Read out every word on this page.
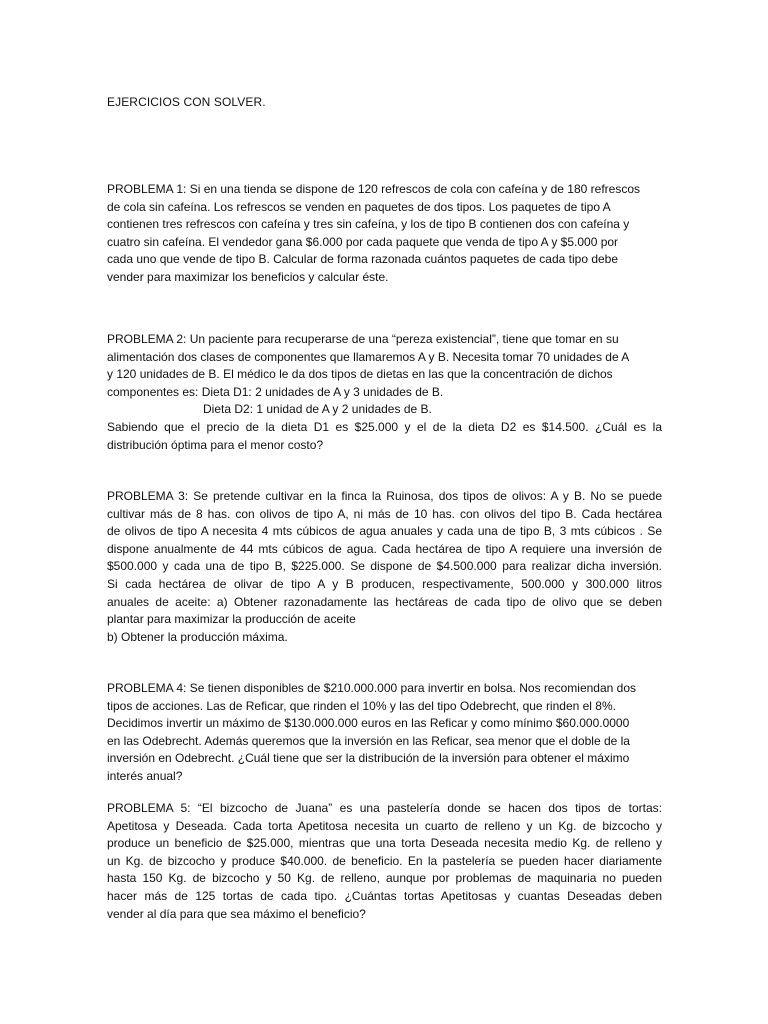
EJERCICIOS CON SOLVER.
PROBLEMA 1: Si en una tienda se dispone de 120 refrescos de cola con cafeína y de 180 refrescos
de cola sin cafeína. Los refrescos se venden en paquetes de dos tipos. Los paquetes de tipo A
contienen tres refrescos con cafeína y tres sin cafeína, y los de tipo B contienen dos con cafeína y
cuatro sin cafeína. El vendedor gana $6.000 por cada paquete que venda de tipo A y $5.000 por
cada uno que vende de tipo B. Calcular de forma razonada cuántos paquetes de cada tipo debe
vender para maximizar los beneficios y calcular éste.
PROBLEMA 2: Un paciente para recuperarse de una “pereza existencial”, tiene que tomar en su
alimentación dos clases de componentes que llamaremos A y B. Necesita tomar 70 unidades de A
y 120 unidades de B. El médico le da dos tipos de dietas en las que la concentración de dichos
componentes es: Dieta D1: 2 unidades de A y 3 unidades de B.
Dieta D2: 1 unidad de A y 2 unidades de B.
Sabiendo que el precio de la dieta D1 es $25.000 y el de la dieta D2 es $14.500. ¿Cuál es la
distribución óptima para el menor costo?
PROBLEMA 3: Se pretende cultivar en la finca la Ruinosa, dos tipos de olivos: A y B. No se puede
cultivar más de 8 has. con olivos de tipo A, ni más de 10 has. con olivos del tipo B. Cada hectárea
de olivos de tipo A necesita 4 mts cúbicos de agua anuales y cada una de tipo B, 3 mts cúbicos . Se
dispone anualmente de 44 mts cúbicos de agua. Cada hectárea de tipo A requiere una inversión de
$500.000 y cada una de tipo B, $225.000. Se dispone de $4.500.000 para realizar dicha inversión.
Si cada hectárea de olivar de tipo A y B producen, respectivamente, 500.000 y 300.000 litros
anuales de aceite: a) Obtener razonadamente las hectáreas de cada tipo de olivo que se deben
plantar para maximizar la producción de aceite
b) Obtener la producción máxima.
PROBLEMA 4: Se tienen disponibles de $210.000.000 para invertir en bolsa. Nos recomiendan dos
tipos de acciones. Las de Reficar, que rinden el 10% y las del tipo Odebrecht, que rinden el 8%.
Decidimos invertir un máximo de $130.000.000 euros en las Reficar y como mínimo $60.000.0000
en las Odebrecht. Además queremos que la inversión en las Reficar, sea menor que el doble de la
inversión en Odebrecht. ¿Cuál tiene que ser la distribución de la inversión para obtener el máximo
interés anual?
PROBLEMA 5: “El bizcocho de Juana” es una pastelería donde se hacen dos tipos de tortas:
Apetitosa y Deseada. Cada torta Apetitosa necesita un cuarto de relleno y un Kg. de bizcocho y
produce un beneficio de $25.000, mientras que una torta Deseada necesita medio Kg. de relleno y
un Kg. de bizcocho y produce $40.000. de beneficio. En la pastelería se pueden hacer diariamente
hasta 150 Kg. de bizcocho y 50 Kg. de relleno, aunque por problemas de maquinaria no pueden
hacer más de 125 tortas de cada tipo. ¿Cuántas tortas Apetitosas y cuantas Deseadas deben
vender al día para que sea máximo el beneficio?
